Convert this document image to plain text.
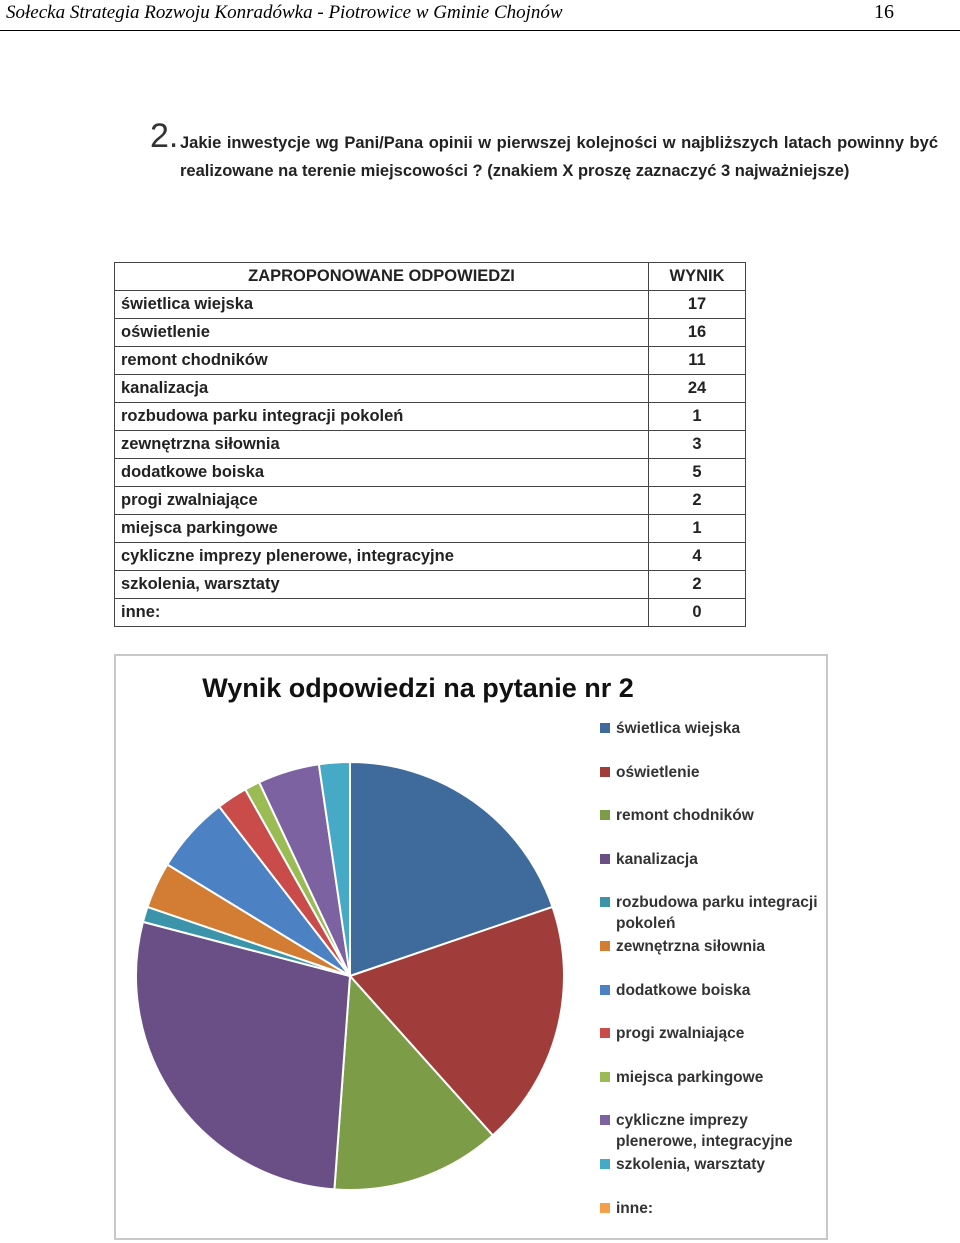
Sołecka Strategia Rozwoju Konradówka - Piotrowice w Gminie Chojnów	16
2. Jakie inwestycje wg Pani/Pana opinii w pierwszej kolejności w najbliższych latach powinny być realizowane na terenie miejscowości ? (znakiem X proszę zaznaczyć 3 najważniejsze)
ZAPROPONOWANE ODPOWIEDZI	WYNIK
świetlica wiejska	17
oświetlenie	16
remont chodników	11
kanalizacja	24
rozbudowa parku integracji pokoleń	1
zewnętrzna siłownia	3
dodatkowe boiska	5
progi zwalniające	2
miejsca parkingowe	1
cykliczne imprezy plenerowe, integracyjne	4
szkolenia, warsztaty	2
inne:	0
Wynik odpowiedzi na pytanie nr 2
świetlica wiejska
oświetlenie
remont chodników
kanalizacja
rozbudowa parku integracji pokoleń
zewnętrzna siłownia
dodatkowe boiska
progi zwalniające
miejsca parkingowe
cykliczne imprezy plenerowe, integracyjne
szkolenia, warsztaty
inne:
